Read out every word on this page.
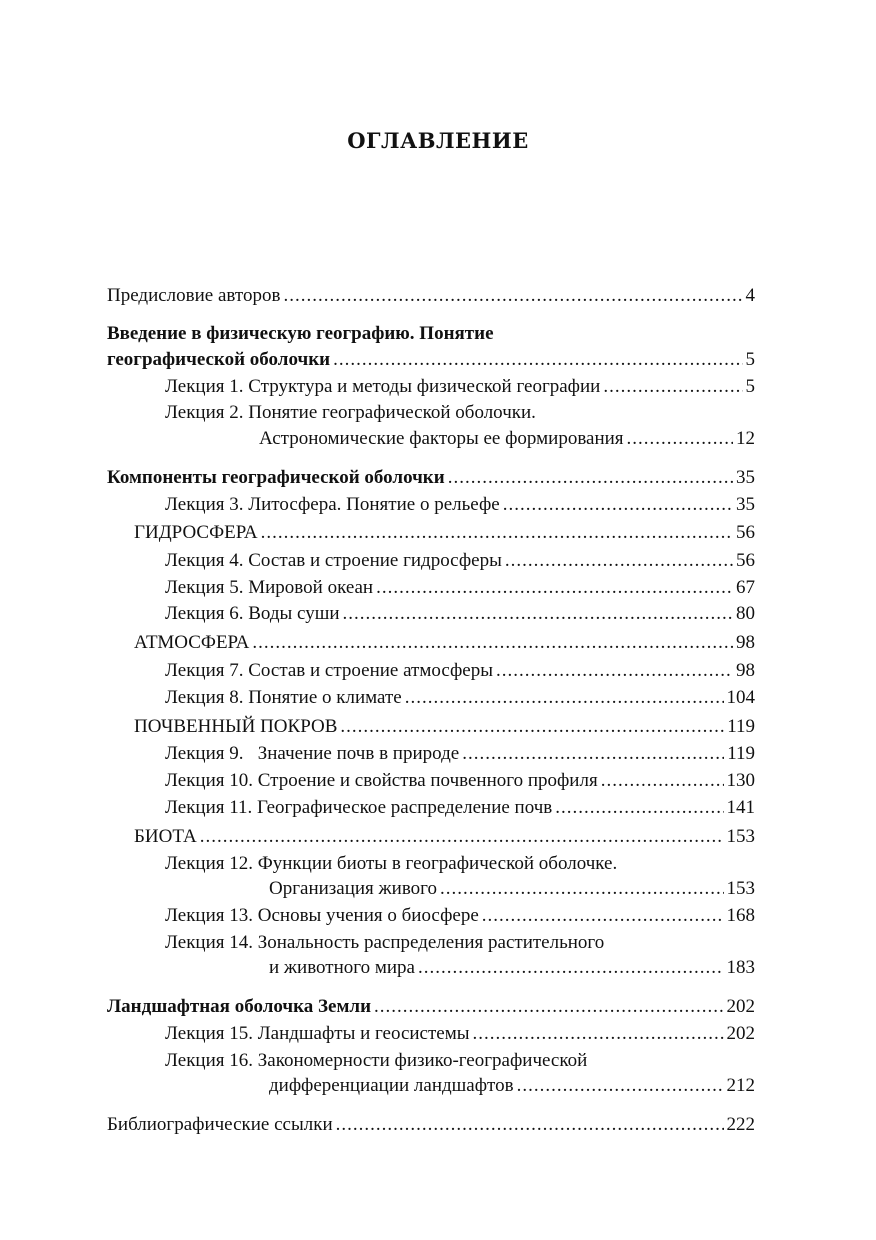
ОГЛАВЛЕНИЕ
Предисловие авторов .....	4
Введение в физическую географию. Понятие
географической оболочки .....	5
Лекция 1. Структура и методы физической географии .....	5
Лекция 2. Понятие географической оболочки.
Астрономические факторы ее формирования .....	12
Компоненты географической оболочки .....	35
Лекция 3. Литосфера. Понятие о рельефе .....	35
ГИДРОСФЕРА .....	56
Лекция 4. Состав и строение гидросферы .....	56
Лекция 5. Мировой океан .....	67
Лекция 6. Воды суши .....	80
АТМОСФЕРА .....	98
Лекция 7. Состав и строение атмосферы .....	98
Лекция 8. Понятие о климате .....	104
ПОЧВЕННЫЙ ПОКРОВ .....	119
Лекция 9.   Значение почв в природе .....	119
Лекция 10. Строение и свойства почвенного профиля .....	130
Лекция 11. Географическое распределение почв .....	141
БИОТА .....	153
Лекция 12. Функции биоты в географической оболочке.
Организация живого .....	153
Лекция 13. Основы учения о биосфере .....	168
Лекция 14. Зональность распределения растительного
и животного мира .....	183
Ландшафтная оболочка Земли .....	202
Лекция 15. Ландшафты и геосистемы .....	202
Лекция 16. Закономерности физико-географической
дифференциации ландшафтов .....	212
Библиографические ссылки .....	222
